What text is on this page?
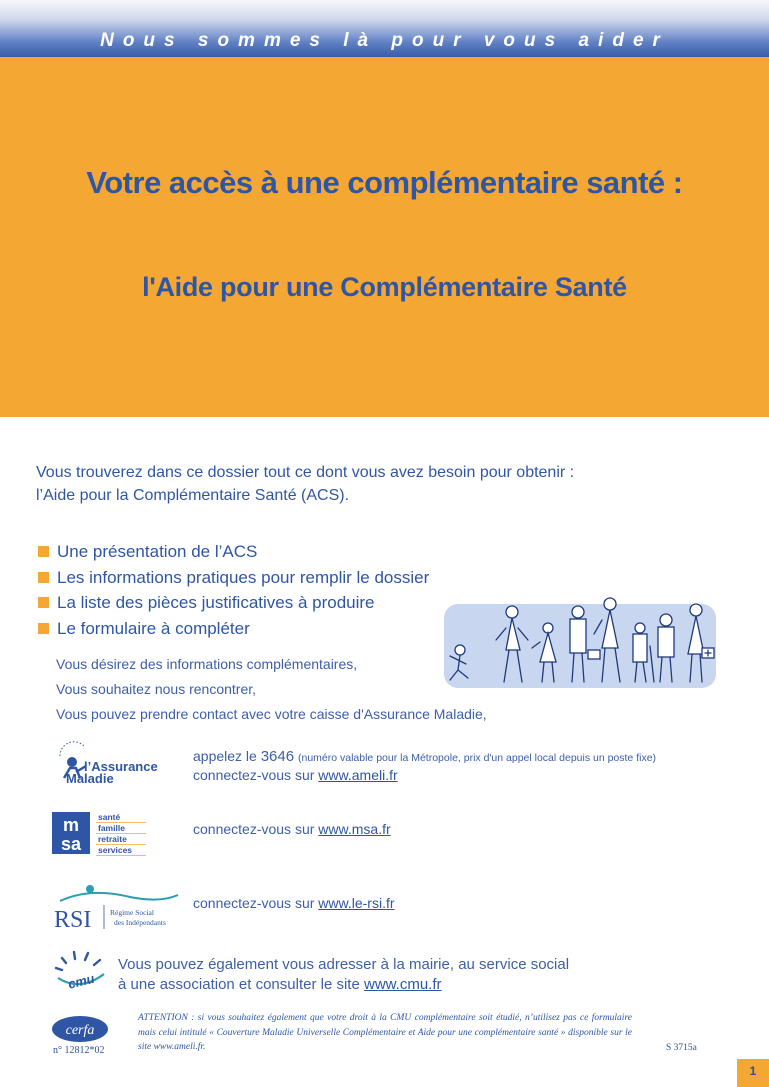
Nous sommes là pour vous aider
Votre accès à une complémentaire santé :
l'Aide pour une Complémentaire Santé
Vous trouverez dans ce dossier tout ce dont vous avez besoin pour obtenir :
l’Aide pour la Complémentaire Santé (ACS).
Une présentation de l’ACS
Les informations pratiques pour remplir le dossier
La liste des pièces justificatives à produire
Le formulaire à compléter
Vous désirez des informations complémentaires,
Vous souhaitez nous rencontrer,
Vous pouvez prendre contact avec votre caisse d'Assurance Maladie,
l’Assurance
Maladie
appelez le 3646 (numéro valable pour la Métropole, prix d'un appel local depuis un poste fixe)
connectez-vous sur www.ameli.fr
m
sa
santé
famille
retraite
services
connectez-vous sur www.msa.fr
RSI Régime Social
des Indépendants
connectez-vous sur www.le-rsi.fr
cmu
Vous pouvez également vous adresser à la mairie, au service social
à une association et consulter le site www.cmu.fr
cerfa
n° 12812*02
ATTENTION : si vous souhaitez également que votre droit à la CMU complémentaire soit étudié, n’utilisez pas ce formulaire mais celui intitulé « Couverture Maladie Universelle Complémentaire et Aide pour une complémentaire santé » disponible sur le site www.ameli.fr.	S 3715a
1
